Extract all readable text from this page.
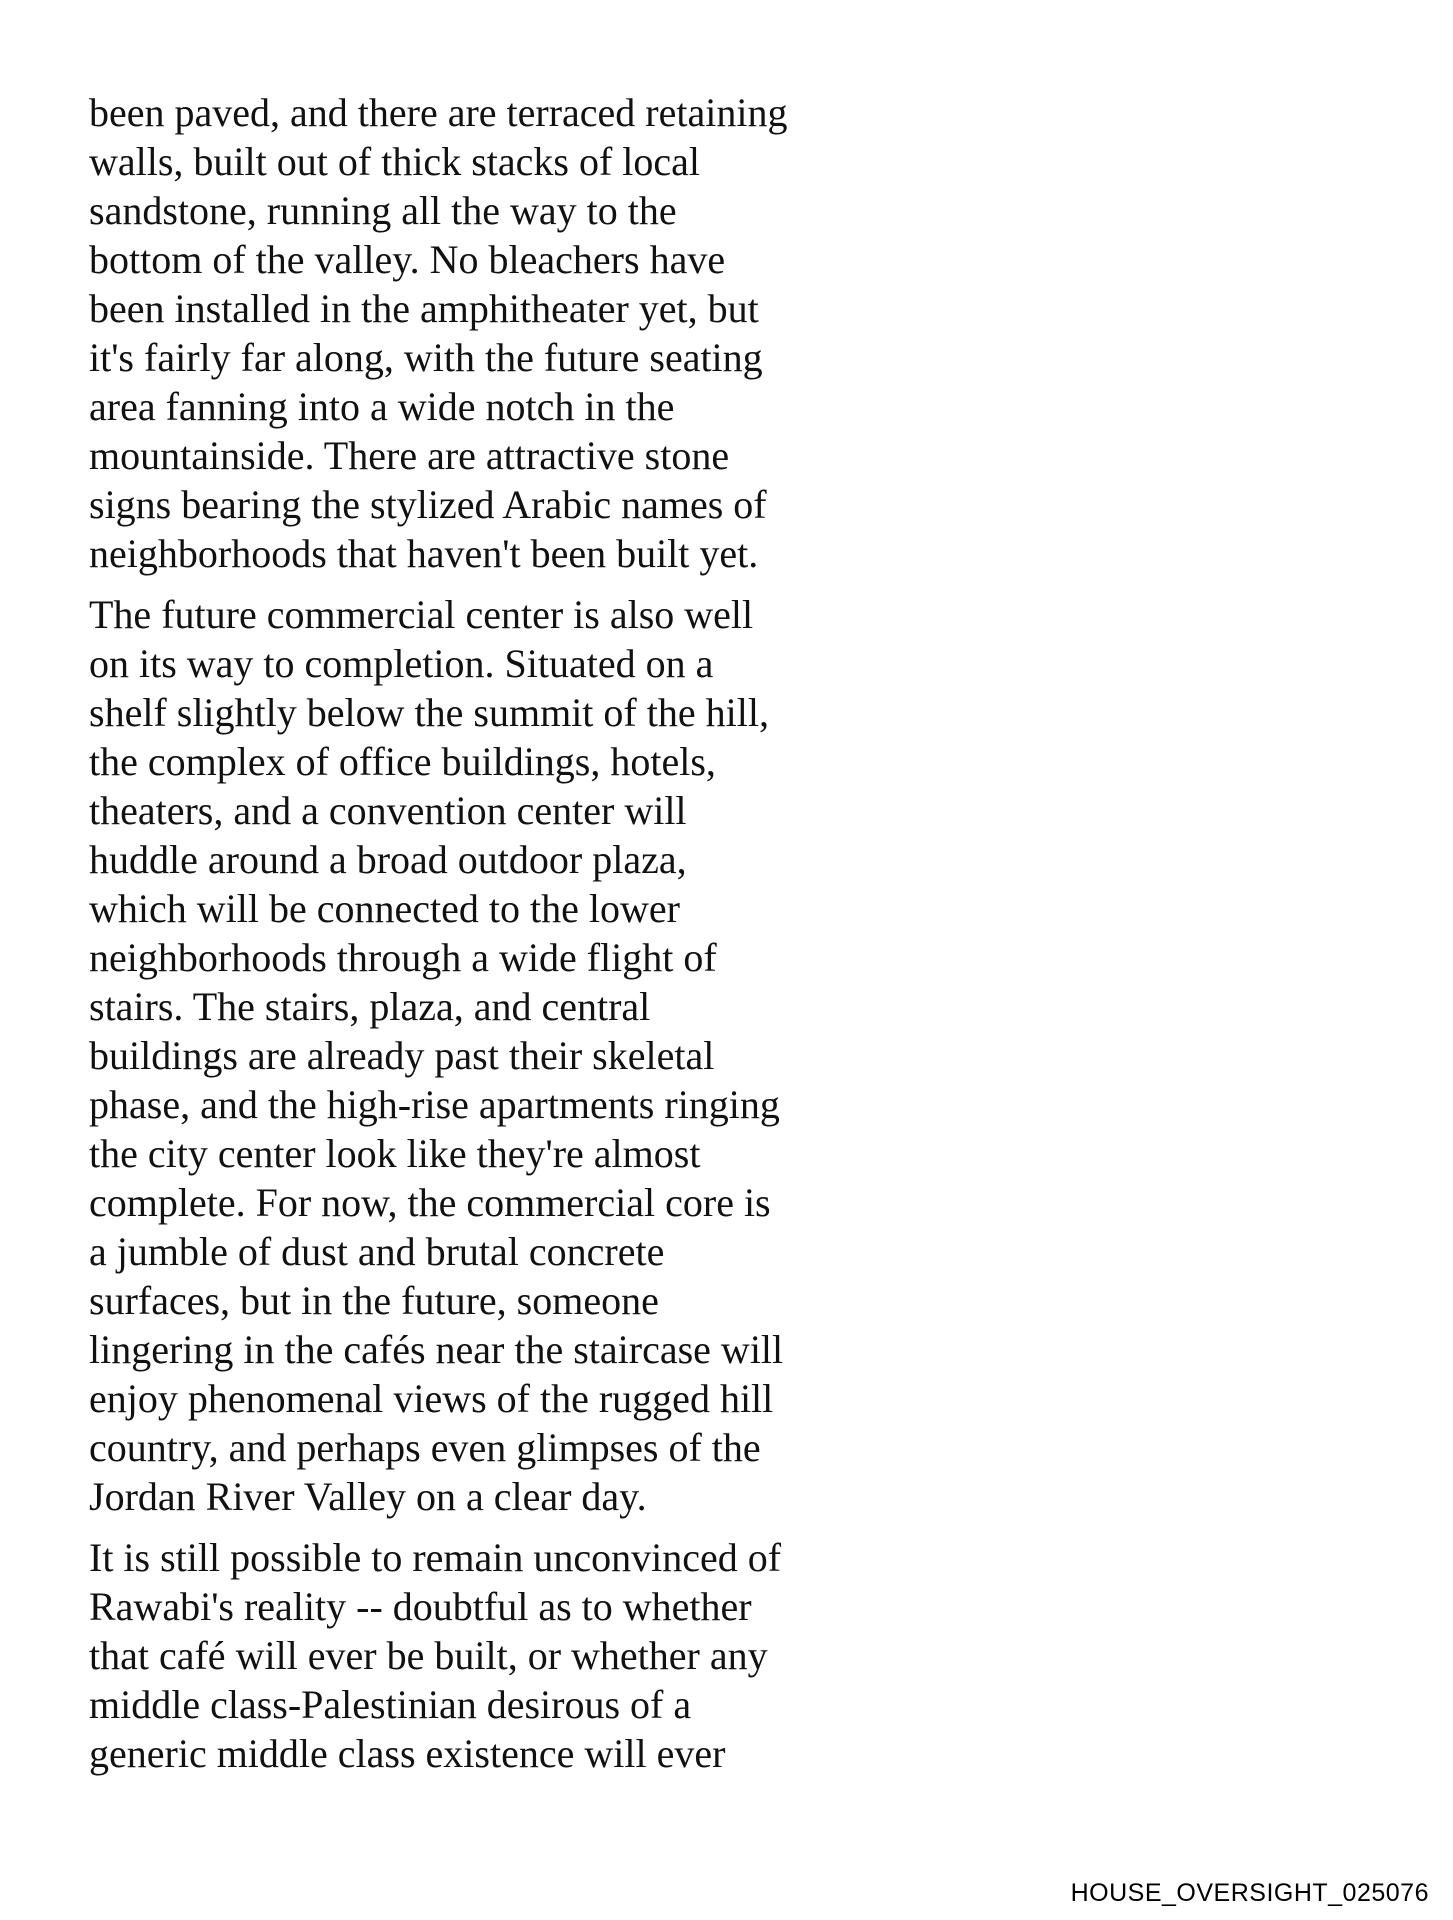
been paved, and there are terraced retaining
walls, built out of thick stacks of local
sandstone, running all the way to the
bottom of the valley. No bleachers have
been installed in the amphitheater yet, but
it's fairly far along, with the future seating
area fanning into a wide notch in the
mountainside. There are attractive stone
signs bearing the stylized Arabic names of
neighborhoods that haven't been built yet.

The future commercial center is also well
on its way to completion. Situated on a
shelf slightly below the summit of the hill,
the complex of office buildings, hotels,
theaters, and a convention center will
huddle around a broad outdoor plaza,
which will be connected to the lower
neighborhoods through a wide flight of
stairs. The stairs, plaza, and central
buildings are already past their skeletal
phase, and the high-rise apartments ringing
the city center look like they're almost
complete. For now, the commercial core is
a jumble of dust and brutal concrete
surfaces, but in the future, someone
lingering in the cafés near the staircase will
enjoy phenomenal views of the rugged hill
country, and perhaps even glimpses of the
Jordan River Valley on a clear day.

It is still possible to remain unconvinced of
Rawabi's reality -- doubtful as to whether
that café will ever be built, or whether any
middle class-Palestinian desirous of a
generic middle class existence will ever

HOUSE_OVERSIGHT_025076
